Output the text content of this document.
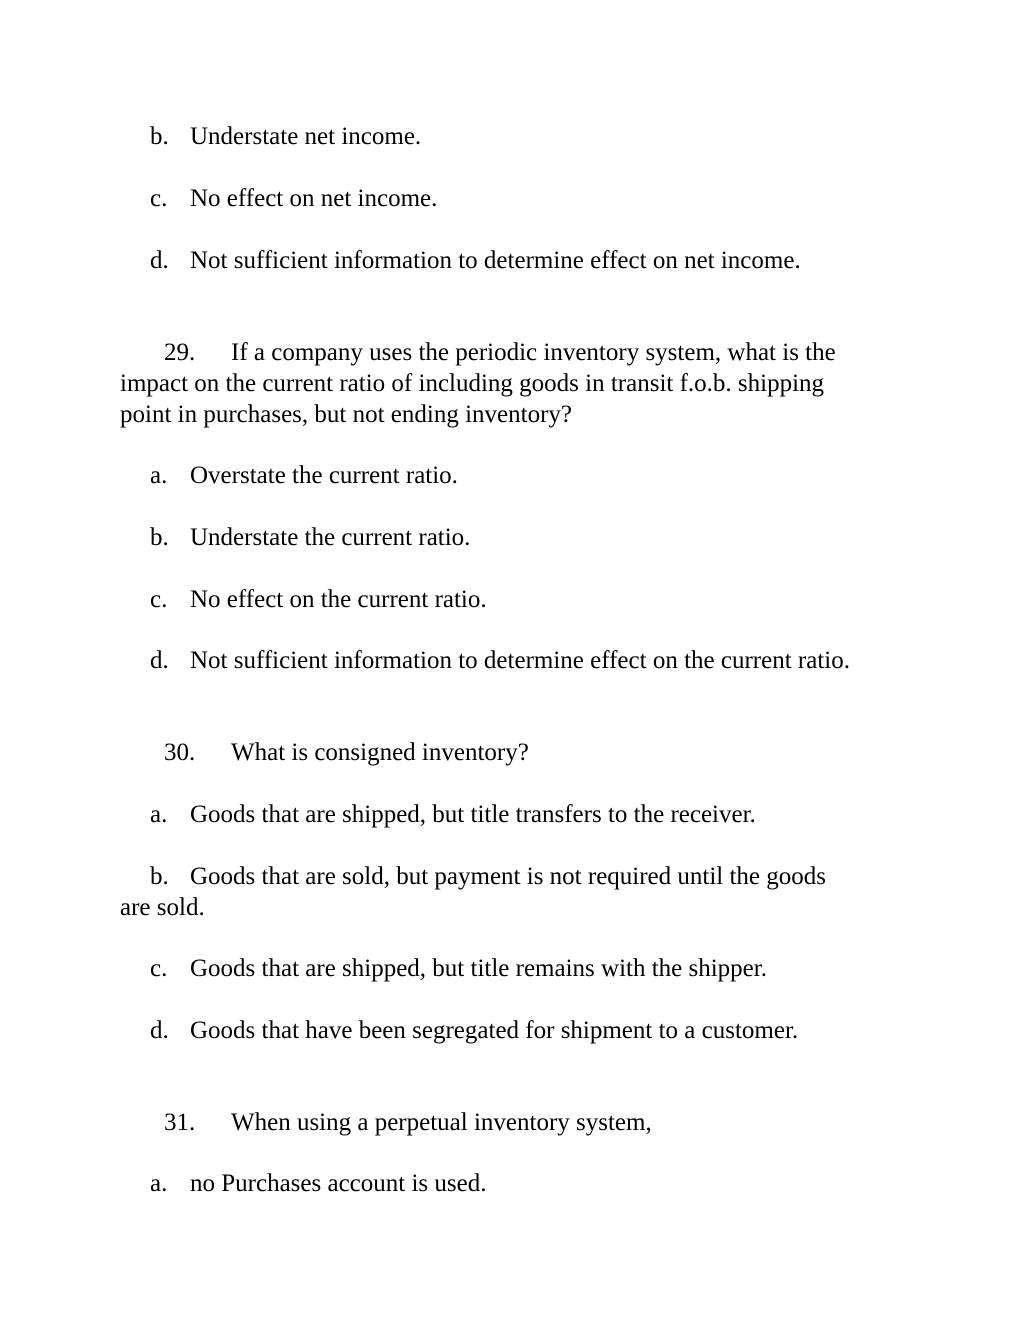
b. Understate net income.
c. No effect on net income.
d. Not sufficient information to determine effect on net income.
29. If a company uses the periodic inventory system, what is the
impact on the current ratio of including goods in transit f.o.b. shipping
point in purchases, but not ending inventory?
a. Overstate the current ratio.
b. Understate the current ratio.
c. No effect on the current ratio.
d. Not sufficient information to determine effect on the current ratio.
30. What is consigned inventory?
a. Goods that are shipped, but title transfers to the receiver.
b. Goods that are sold, but payment is not required until the goods
are sold.
c. Goods that are shipped, but title remains with the shipper.
d. Goods that have been segregated for shipment to a customer.
31. When using a perpetual inventory system,
a. no Purchases account is used.
